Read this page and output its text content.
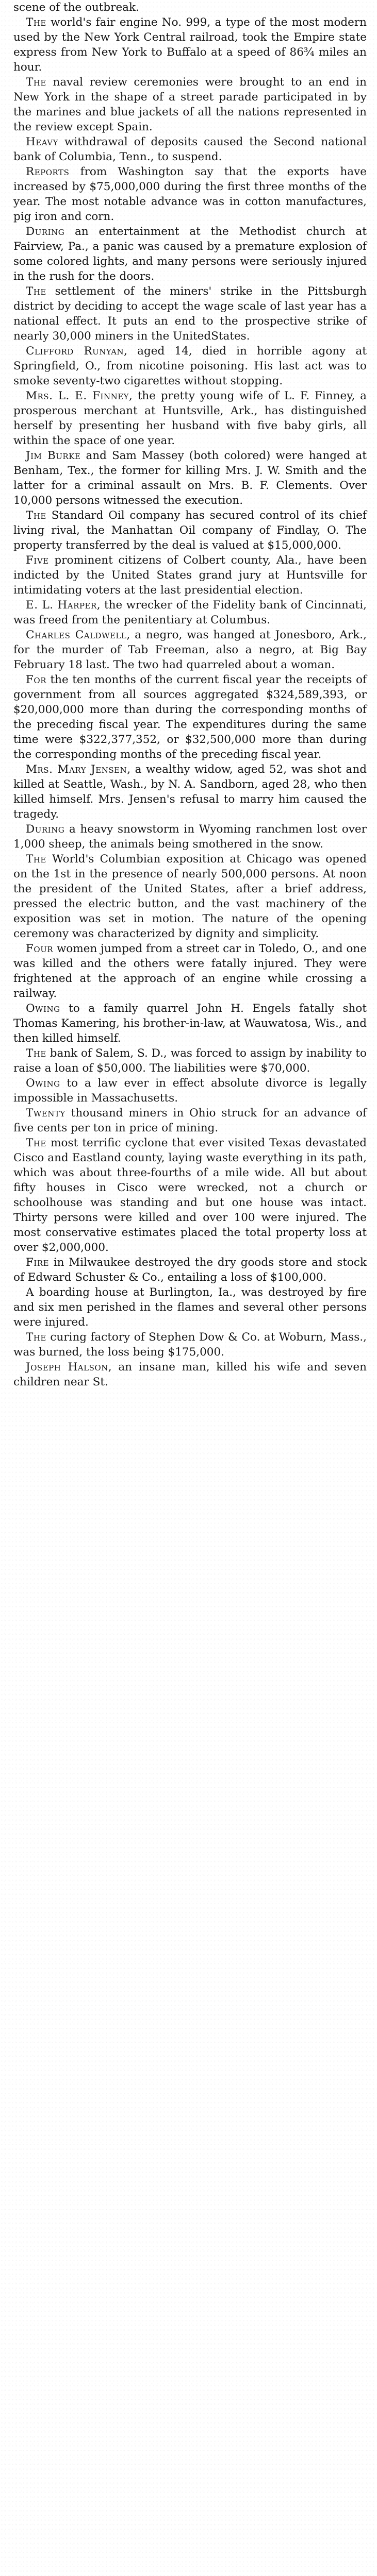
scene of the outbreak.

The world's fair engine No. 999, a type of the most modern used by the New York Central railroad, took the Empire state express from New York to Buffalo at a speed of 86¾ miles an hour.

The naval review ceremonies were brought to an end in New York in the shape of a street parade participated in by the marines and blue jackets of all the nations represented in the review except Spain.

Heavy withdrawal of deposits caused the Second national bank of Columbia, Tenn., to suspend.

Reports from Washington say that the exports have increased by $75,000,000 during the first three months of the year. The most notable advance was in cotton manufactures, pig iron and corn.

During an entertainment at the Methodist church at Fairview, Pa., a panic was caused by a premature explosion of some colored lights, and many persons were seriously injured in the rush for the doors.

The settlement of the miners' strike in the Pittsburgh district by deciding to accept the wage scale of last year has a national effect. It puts an end to the prospective strike of nearly 30,000 miners in the UnitedStates.

Clifford Runyan, aged 14, died in horrible agony at Springfield, O., from nicotine poisoning. His last act was to smoke seventy-two cigarettes without stopping.

Mrs. L. E. Finney, the pretty young wife of L. F. Finney, a prosperous merchant at Huntsville, Ark., has distinguished herself by presenting her husband with five baby girls, all within the space of one year.

Jim Burke and Sam Massey (both colored) were hanged at Benham, Tex., the former for killing Mrs. J. W. Smith and the latter for a criminal assault on Mrs. B. F. Clements. Over 10,000 persons witnessed the execution.

The Standard Oil company has secured control of its chief living rival, the Manhattan Oil company of Findlay, O. The property transferred by the deal is valued at $15,000,000.

Five prominent citizens of Colbert county, Ala., have been indicted by the United States grand jury at Huntsville for intimidating voters at the last presidential election.

E. L. Harper, the wrecker of the Fidelity bank of Cincinnati, was freed from the penitentiary at Columbus.

Charles Caldwell, a negro, was hanged at Jonesboro, Ark., for the murder of Tab Freeman, also a negro, at Big Bay February 18 last. The two had quarreled about a woman.

For the ten months of the current fiscal year the receipts of government from all sources aggregated $324,589,393, or $20,000,000 more than during the corresponding months of the preceding fiscal year. The expenditures during the same time were $322,377,352, or $32,500,000 more than during the corresponding months of the preceding fiscal year.

Mrs. Mary Jensen, a wealthy widow, aged 52, was shot and killed at Seattle, Wash., by N. A. Sandborn, aged 28, who then killed himself. Mrs. Jensen's refusal to marry him caused the tragedy.

During a heavy snowstorm in Wyoming ranchmen lost over 1,000 sheep, the animals being smothered in the snow.

The World's Columbian exposition at Chicago was opened on the 1st in the presence of nearly 500,000 persons. At noon the president of the United States, after a brief address, pressed the electric button, and the vast machinery of the exposition was set in motion. The nature of the opening ceremony was characterized by dignity and simplicity.

Four women jumped from a street car in Toledo, O., and one was killed and the others were fatally injured. They were frightened at the approach of an engine while crossing a railway.

Owing to a family quarrel John H. Engels fatally shot Thomas Kamering, his brother-in-law, at Wauwatosa, Wis., and then killed himself.

The bank of Salem, S. D., was forced to assign by inability to raise a loan of $50,000. The liabilities were $70,000.

Owing to a law ever in effect absolute divorce is legally impossible in Massachusetts.

Twenty thousand miners in Ohio struck for an advance of five cents per ton in price of mining.

The most terrific cyclone that ever visited Texas devastated Cisco and Eastland county, laying waste everything in its path, which was about three-fourths of a mile wide. All but about fifty houses in Cisco were wrecked, not a church or schoolhouse was standing and but one house was intact. Thirty persons were killed and over 100 were injured. The most conservative estimates placed the total property loss at over $2,000,000.

Fire in Milwaukee destroyed the dry goods store and stock of Edward Schuster & Co., entailing a loss of $100,000.

A boarding house at Burlington, Ia., was destroyed by fire and six men perished in the flames and several other persons were injured.

The curing factory of Stephen Dow & Co. at Woburn, Mass., was burned, the loss being $175,000.

Joseph Halson, an insane man, killed his wife and seven children near St.
